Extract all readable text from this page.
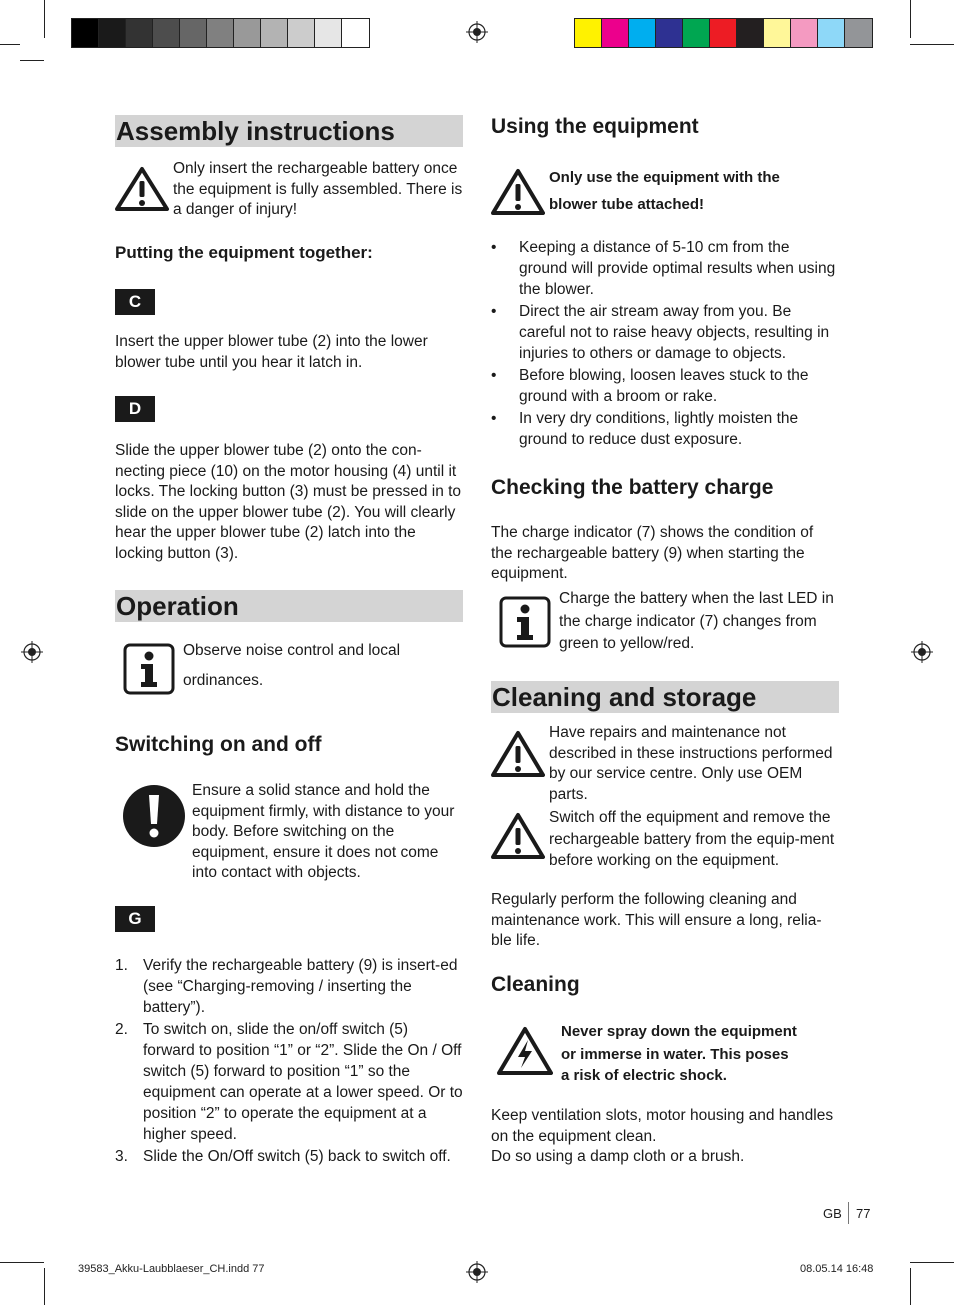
Assembly instructions
Only insert the rechargeable battery once the equipment is fully assembled. There is a danger of injury!
Putting the equipment together:
C
Insert the upper blower tube (2) into the lower blower tube until you hear it latch in.
D
Slide the upper blower tube (2) onto the con-necting piece (10) on the motor housing (4) until it locks. The locking button (3) must be pressed in to slide on the upper blower tube (2). You will clearly hear the upper blower tube (2) latch into the locking button (3).
Operation
Observe noise control and local
ordinances.
Switching on and off
Ensure a solid stance and hold the equipment firmly, with distance to your body. Before switching on the equipment, ensure it does not come into contact with objects.
G
1. Verify the rechargeable battery (9) is insert-ed (see “Charging-removing / inserting the battery”).
2. To switch on, slide the on/off switch (5) forward to position “1” or “2”. Slide the On / Off switch (5) forward to position “1” so the equipment can operate at a lower speed. Or to position “2” to operate the equipment at a higher speed.
3. Slide the On/Off switch (5) back to switch off.
Using the equipment
Only use the equipment with the
blower tube attached!
• Keeping a distance of 5-10 cm from the ground will provide optimal results when using the blower.
• Direct the air stream away from you. Be careful not to raise heavy objects, resulting in injuries to others or damage to objects.
• Before blowing, loosen leaves stuck to the ground with a broom or rake.
• In very dry conditions, lightly moisten the ground to reduce dust exposure.
Checking the battery charge
The charge indicator (7) shows the condition of the rechargeable battery (9) when starting the equipment.
Charge the battery when the last LED in the charge indicator (7) changes from green to yellow/red.
Cleaning and storage
Have repairs and maintenance not described in these instructions performed by our service centre. Only use OEM parts.
Switch off the equipment and remove the rechargeable battery from the equip-ment before working on the equipment.
Regularly perform the following cleaning and maintenance work. This will ensure a long, relia-ble life.
Cleaning
Never spray down the equipment
or immerse in water. This poses
a risk of electric shock.
Keep ventilation slots, motor housing and handles on the equipment clean.
Do so using a damp cloth or a brush.
GB 77
39583_Akku-Laubblaeser_CH.indd 77	08.05.14 16:48
